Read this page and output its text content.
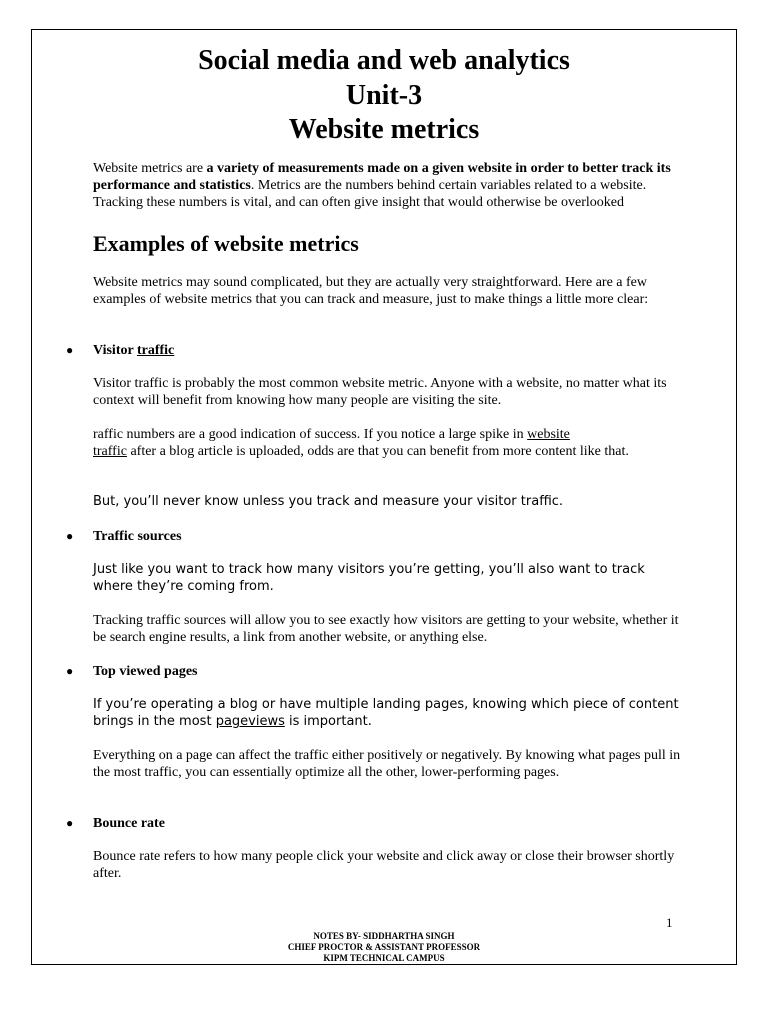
Social media and web analytics
Unit-3
Website metrics

Website metrics are a variety of measurements made on a given website in order to better track its performance and statistics. Metrics are the numbers behind certain variables related to a website. Tracking these numbers is vital, and can often give insight that would otherwise be overlooked

Examples of website metrics

Website metrics may sound complicated, but they are actually very straightforward. Here are a few examples of website metrics that you can track and measure, just to make things a little more clear:

● Visitor traffic

Visitor traffic is probably the most common website metric. Anyone with a website, no matter what its context will benefit from knowing how many people are visiting the site.

raffic numbers are a good indication of success. If you notice a large spike in website
traffic after a blog article is uploaded, odds are that you can benefit from more content like that.

But, you’ll never know unless you track and measure your visitor traffic.

● Traffic sources

Just like you want to track how many visitors you’re getting, you’ll also want to track where they’re coming from.

Tracking traffic sources will allow you to see exactly how visitors are getting to your website, whether it be search engine results, a link from another website, or anything else.

● Top viewed pages

If you’re operating a blog or have multiple landing pages, knowing which piece of content brings in the most pageviews is important.

Everything on a page can affect the traffic either positively or negatively. By knowing what pages pull in the most traffic, you can essentially optimize all the other, lower-performing pages.

● Bounce rate

Bounce rate refers to how many people click your website and click away or close their browser shortly after.

1
NOTES BY- SIDDHARTHA SINGH
CHIEF PROCTOR & ASSISTANT PROFESSOR
KIPM TECHNICAL CAMPUS
